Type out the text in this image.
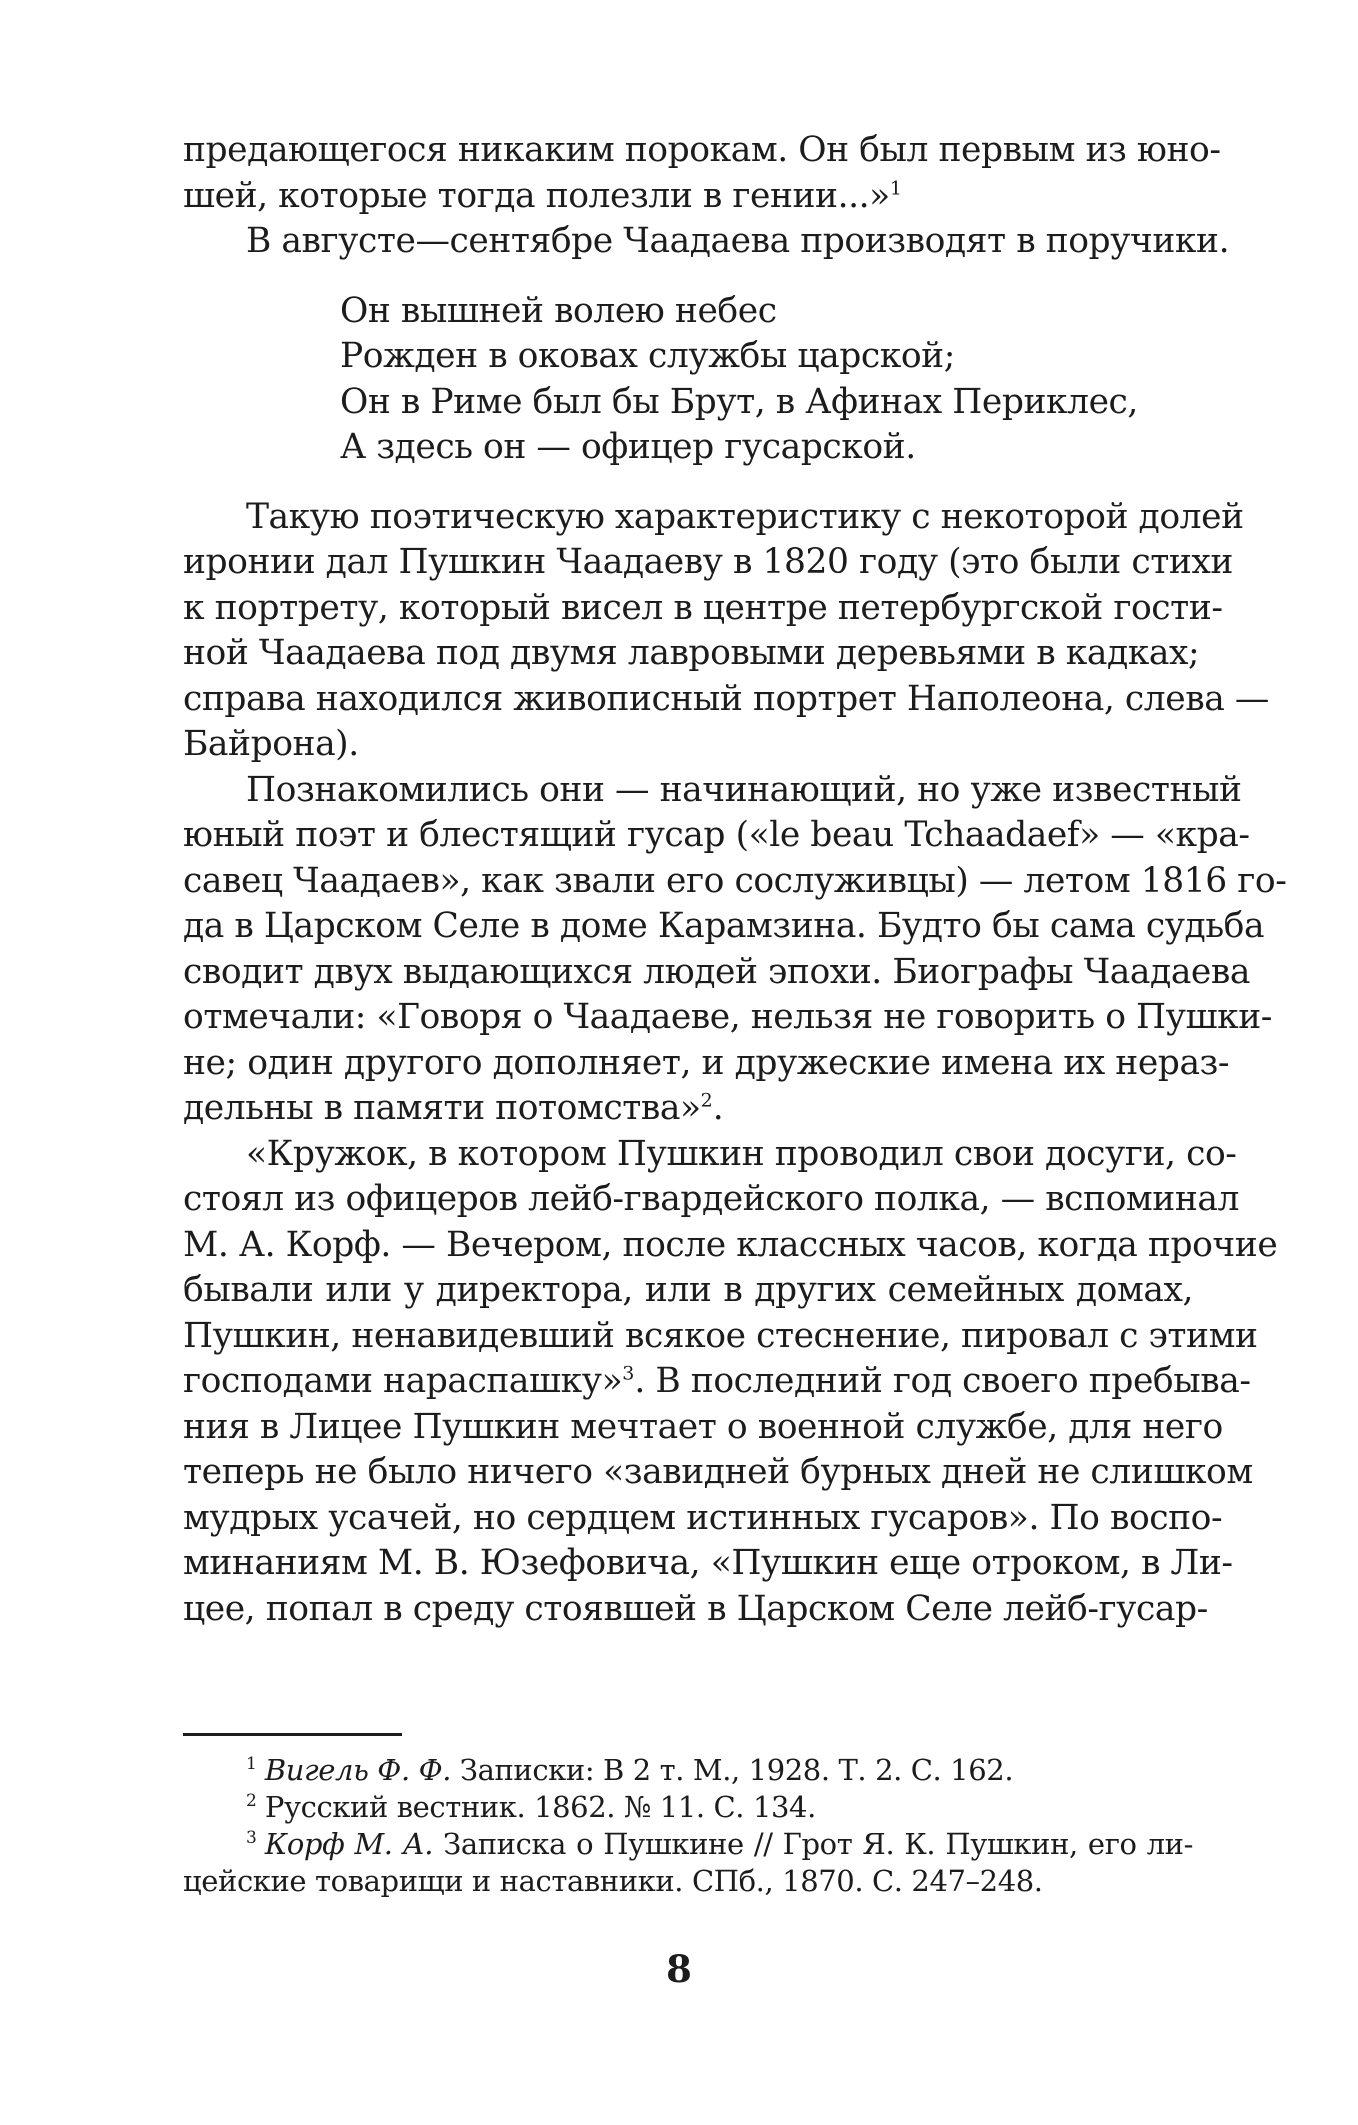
предающегося никаким порокам. Он был первым из юно-
шей, которые тогда полезли в гении...»$^1$
В августе—сентябре Чаадаева производят в поручики.
Он вышней волею небес
Рожден в оковах службы царской;
Он в Риме был бы Брут, в Афинах Периклес,
А здесь он — офицер гусарской.
Такую поэтическую характеристику с некоторой долей
иронии дал Пушкин Чаадаеву в 1820 году (это были стихи
к портрету, который висел в центре петербургской гости-
ной Чаадаева под двумя лавровыми деревьями в кадках;
справа находился живописный портрет Наполеона, слева —
Байрона).
Познакомились они — начинающий, но уже известный
юный поэт и блестящий гусар («le beau Tchaadaef» — «кра-
савец Чаадаев», как звали его сослуживцы) — летом 1816 го-
да в Царском Селе в доме Карамзина. Будто бы сама судьба
сводит двух выдающихся людей эпохи. Биографы Чаадаева
отмечали: «Говоря о Чаадаеве, нельзя не говорить о Пушки-
не; один другого дополняет, и дружеские имена их нераз-
дельны в памяти потомства»$^2$.
«Кружок, в котором Пушкин проводил свои досуги, со-
стоял из офицеров лейб-гвардейского полка, — вспоминал
М. А. Корф. — Вечером, после классных часов, когда прочие
бывали или у директора, или в других семейных домах,
Пушкин, ненавидевший всякое стеснение, пировал с этими
господами нараспашку»$^3$. В последний год своего пребыва-
ния в Лицее Пушкин мечтает о военной службе, для него
теперь не было ничего «завидней бурных дней не слишком
мудрых усачей, но сердцем истинных гусаров». По воспо-
минаниям М. В. Юзефовича, «Пушкин еще отроком, в Ли-
цее, попал в среду стоявшей в Царском Селе лейб-гусар-
$^1$ Вигель Ф. Ф. Записки: В 2 т. М., 1928. Т. 2. С. 162.
$^2$ Русский вестник. 1862. № 11. С. 134.
$^3$ Корф М. А. Записка о Пушкине // Грот Я. К. Пушкин, его ли-
цейские товарищи и наставники. СПб., 1870. С. 247–248.
8
